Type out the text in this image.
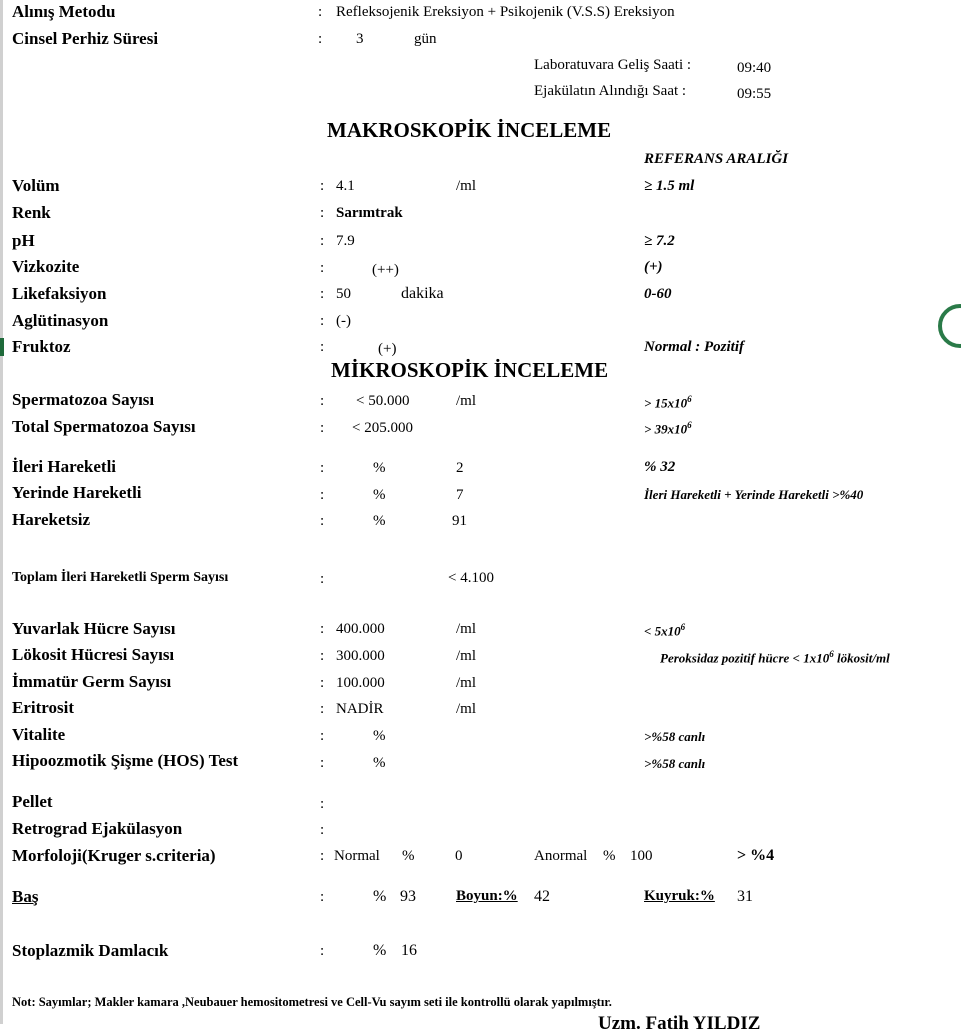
Alınış Metodu	: Refleksojenik Ereksiyon + Psikojenik (V.S.S) Ereksiyon
Cinsel Perhiz Süresi	: 3	gün
Laboratuvara Geliş Saati :	09:40
Ejakülatın Alındığı Saat :	09:55
MAKROSKOPİK İNCELEME
REFERANS ARALIĞI
Volüm	: 4.1	/ml	≥ 1.5 ml
Renk	: Sarımtrak
pH	: 7.9	≥ 7.2
Vizkozite	:	(++)	(+)
Likefaksiyon	: 50	dakika	0-60
Aglütinasyon	: (-)
Fruktoz	:	(+)	Normal : Pozitif
MİKROSKOPİK İNCELEME
Spermatozoa Sayısı	: < 50.000	/ml	> $15x10^6$
Total Spermatozoa Sayısı	: < 205.000	> $39x10^6$
İleri Hareketli	:	%	2	% 32
Yerinde Hareketli	:	%	7	İleri Hareketli + Yerinde Hareketli >%40
Hareketsiz	:	%	91
Toplam İleri Hareketli Sperm Sayısı	:	< 4.100
Yuvarlak Hücre Sayısı	: 400.000	/ml	< $5x10^6$
Lökosit Hücresi Sayısı	: 300.000	/ml	Peroksidaz pozitif hücre < $1x10^6$ lökosit/ml
İmmatür Germ Sayısı	: 100.000	/ml
Eritrosit	: NADİR	/ml
Vitalite	:	%	>%58 canlı
Hipoozmotik Şişme (HOS) Test	:	%	>%58 canlı
Pellet	:
Retrograd Ejakülasyon	:
Morfoloji(Kruger s.criteria)	: Normal %	0	Anormal % 100	> %4
Baş	:	% 93	Boyun:% 42	Kuyruk:% 31
Stoplazmik Damlacık	:	% 16
Not: Sayımlar; Makler kamara ,Neubauer hemositometresi ve Cell-Vu sayım seti ile kontrollü olarak yapılmıştır.
Uzm. Fatih YILDIZ
